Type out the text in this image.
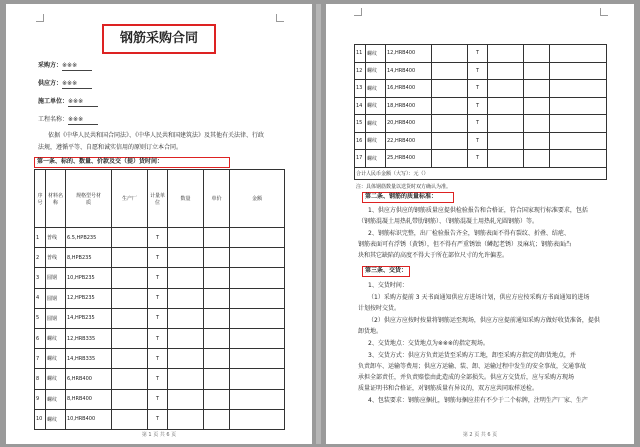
钢筋采购合同
采购方：※※※
供应方：※※※
施工单位：※※※
工程名称：※※※
依据《中华人民共和国合同法》、《中华人民共和国建筑法》及其他有关法律、行政
法规，遵循平等、自愿和诚实信用的原则订立本合同。
第一条、标的、数量、价款及交（提）货时间：
序号	材料名称	规格型号材质	生产厂	计量单位	数量	单价	金额
1	普线	6.5,HPB235		T			
2	普线	8,HPB235		T			
3	圆钢	10,HPB235		T			
4	圆钢	12,HPB235		T			
5	圆钢	14,HPB235		T			
6	螺纹	12,HRB335		T			
7	螺纹	14,HRB335		T			
8	螺纹	6,HRB400		T			
9	螺纹	8,HRB400		T			
10	螺纹	10,HRB400		T			
第 1 页 共 6 页
11	螺纹	12,HRB400		T			
12	螺纹	14,HRB400		T			
13	螺纹	16,HRB400		T			
14	螺纹	18,HRB400		T			
15	螺纹	20,HRB400		T			
16	螺纹	22,HRB400		T			
17	螺纹	25,HRB400		T			
合计人民币金额（大写）：元（）							
注：具体钢筋数量以送货时双方确认为准。
第二条、钢筋的质量标准：
1、供应方供应的钢筋质量应提供检验报告和合格证，符合国家现行标准要求，包括
（钢筋混凝土用热轧带肋钢筋）、（钢筋混凝土用热轧光圆钢筋）等。
2、钢筋标识完整，出厂检验报告齐全，钢筋表面不得有裂纹、折叠、结疤、
钢筋表面可有浮锈（黄锈），但不得有严重锈蚀（鳞起老锈）及麻坑；钢筋表面凸
块和其它缺陷的高度不得大于所在部位尺寸的允许偏差。
第三条、交货：
1、交货时间：
（1）采购方提前 3 天书面通知供应方进场计划，供应方应按采购方书面通知的进场
计划按时交货。
（2）供应方应按时按量将钢筋运至现场，供应方应提前通知采购方做好收货准备，提供
卸货地。
2、交货地点：交货地点为※※※的指定现场。
3、交货方式：供应方负责运货至采购方工地，卸至采购方指定的卸货地点，并
负责卸车、运输等费用；供应方运输、装、卸、运输过程中发生的安全事故，交通事故
承担全部责任，并负责赔偿由此造成的全部损失。供应方交货后，应与采购方现场
质量证明书和合格证，对钢筋质量有异议的，双方应共同取样送检。
4、包装要求：钢筋应捆扎，钢筋每捆应挂有不少于二个标牌，注明生产厂家、生产
第 2 页 共 6 页
